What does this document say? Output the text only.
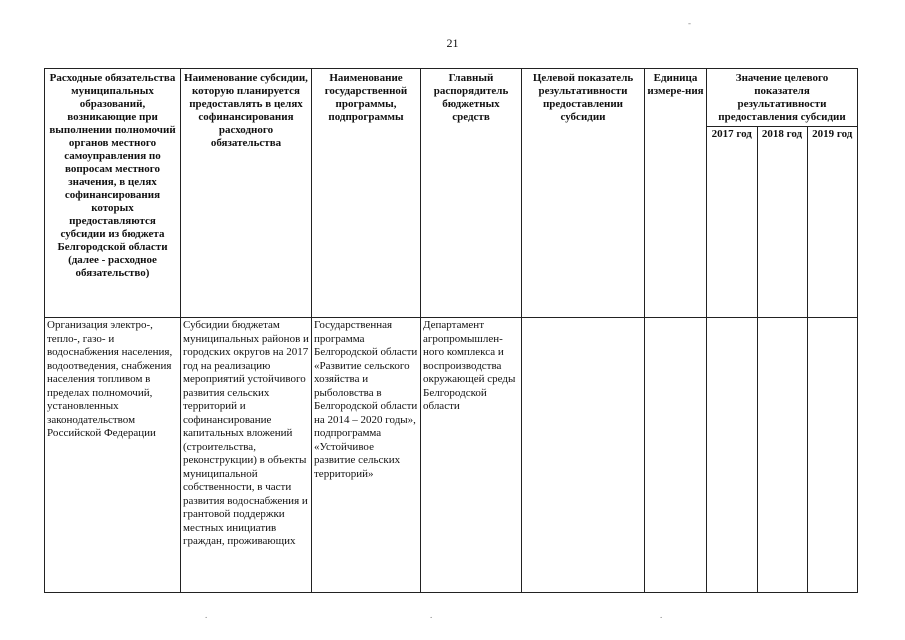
-
21
Расходные обязательства муниципальных образований, возникающие при выполнении полномочий органов местного самоуправления по вопросам местного значения, в целях софинансирования которых предоставляются субсидии из бюджета Белгородской области (далее - расходное обязательство)	Наименование субсидии, которую планируется предоставлять в целях софинансирования расходного обязательства	Наименование государственной программы, подпрограммы	Главный распорядитель бюджетных средств	Целевой показатель результативности предоставлении субсидии	Единица измере-ния	
Значение целевого показателя результативности предоставления субсидии
2017 год	2018 год	2019 год

Организация электро-, тепло-, газо- и водоснабжения населения, водоотведения, снабжения населения топливом в пределах полномочий, установленных законодательством Российской Федерации	Субсидии бюджетам муниципальных районов и городских округов на 2017 год на реализацию мероприятий устойчивого развития сельских территорий и софинансирование капитальных вложений (строительства, реконструкции) в объекты муниципальной собственности, в части развития водоснабжения и грантовой поддержки местных инициатив граждан, проживающих	Государственная программа Белгородской области «Развитие сельского хозяйства и рыболовства в Белгородской области на 2014 – 2020 годы», подпрограмма «Устойчивое развитие сельских территорий»	Департамент агропромышлен-ного комплекса и воспроизводства окружающей среды Белгородской области			

.	.	.
